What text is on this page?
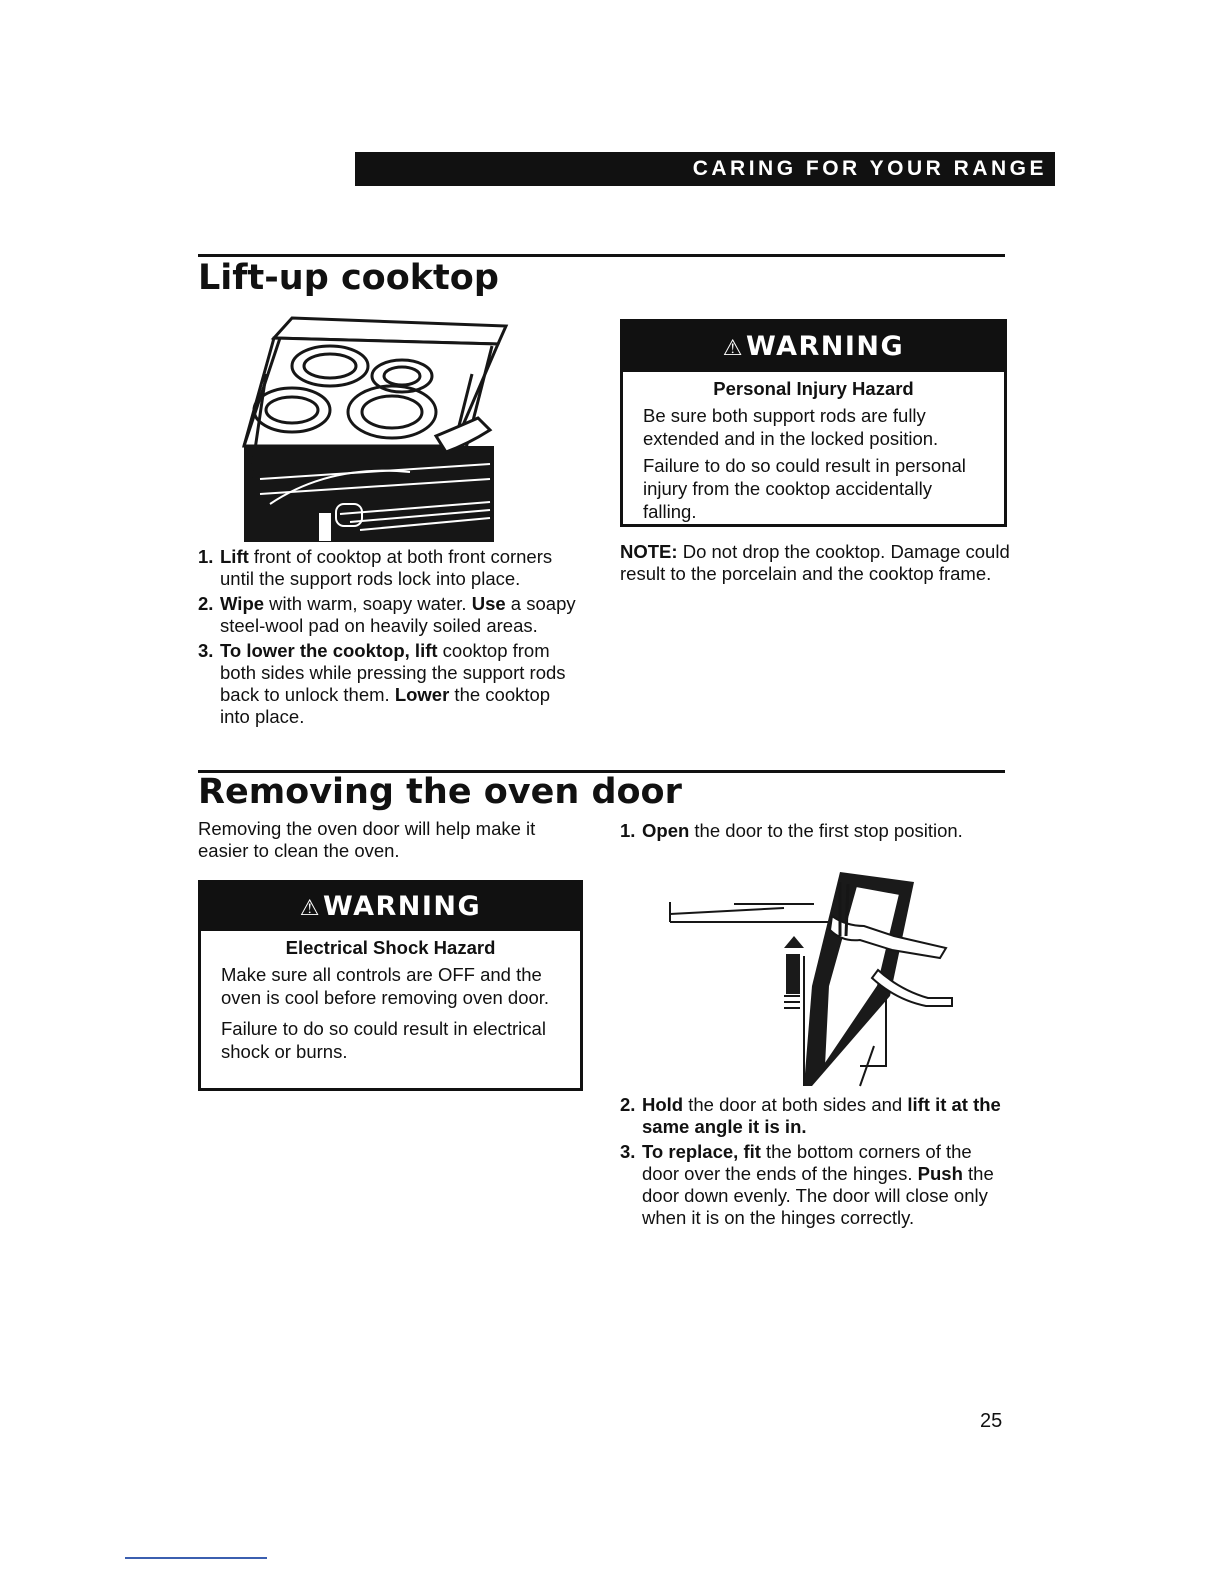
CARING FOR YOUR RANGE
Lift-up cooktop
1. Lift front of cooktop at both front corners until the support rods lock into place.
2. Wipe with warm, soapy water. Use a soapy steel-wool pad on heavily soiled areas.
3. To lower the cooktop, lift cooktop from both sides while pressing the support rods back to unlock them. Lower the cooktop into place.
⚠WARNING
Personal Injury Hazard

Be sure both support rods are fully extended and in the locked position.

Failure to do so could result in personal injury from the cooktop accidentally falling.

NOTE: Do not drop the cooktop. Damage could result to the porcelain and the cooktop frame.
Removing the oven door
Removing the oven door will help make it easier to clean the oven.
⚠WARNING
Electrical Shock Hazard

Make sure all controls are OFF and the oven is cool before removing oven door.

Failure to do so could result in electrical shock or burns.

1. Open the door to the first stop position.
2. Hold the door at both sides and lift it at the same angle it is in.
3. To replace, fit the bottom corners of the door over the ends of the hinges. Push the door down evenly. The door will close only when it is on the hinges correctly.
25
